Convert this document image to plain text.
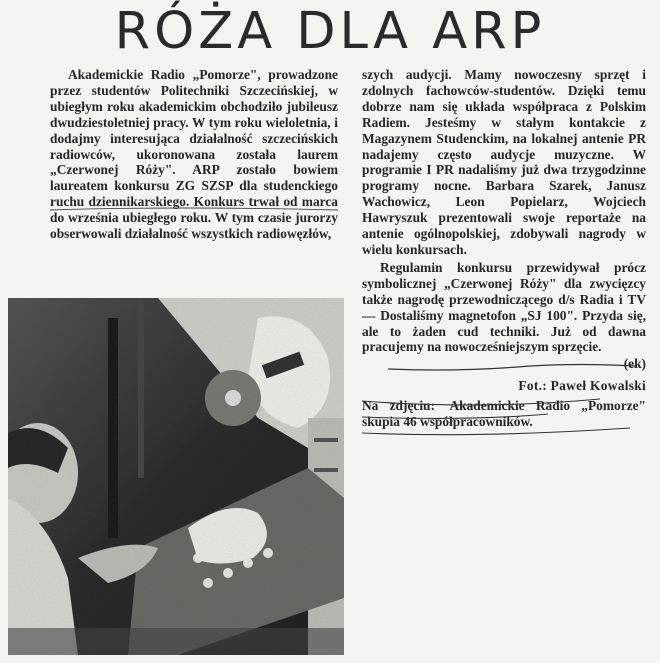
RÓŻA DLA ARP

Akademickie Radio „Pomorze", prowadzone przez studentów Politechniki Szczecińskiej, w ubiegłym roku akademickim obchodziło jubileusz dwudziestoletniej pracy. W tym roku wieloletnia, i dodajmy interesująca działalność szczecińskich radiowców, ukoronowana została laurem „Czerwonej Róży". ARP zostało bowiem laureatem konkursu ZG SZSP dla studenckiego ruchu dziennikarskiego. Konkurs trwał od marca do września ubiegłego roku. W tym czasie jurorzy obserwowali działalność wszystkich radiowęzłów,

szych audycji. Mamy nowoczesny sprzęt i zdolnych fachowców-studentów. Dzięki temu dobrze nam się układa współpraca z Polskim Radiem. Jesteśmy w stałym kontakcie z Magazynem Studenckim, na lokalnej antenie PR nadajemy często audycje muzyczne. W programie I PR nadaliśmy już dwa trzygodzinne programy nocne. Barbara Szarek, Janusz Wachowicz, Leon Popielarz, Wojciech Hawryszuk prezentowali swoje reportaże na antenie ogólnopolskiej, zdobywali nagrody w wielu konkursach.

Regulamin konkursu przewidywał prócz symbolicznej „Czerwonej Róży" dla zwycięzcy także nagrodę przewodniczącego d/s Radia i TV — Dostaliśmy magnetofon „SJ 100". Przyda się, ale to żaden cud techniki. Już od dawna pracujemy na nowocześniejszym sprzęcie.

(ek)
Fot.: Paweł Kowalski
Na zdjęciu: Akademickie Radio „Pomorze" skupia 46 współpracowników.
